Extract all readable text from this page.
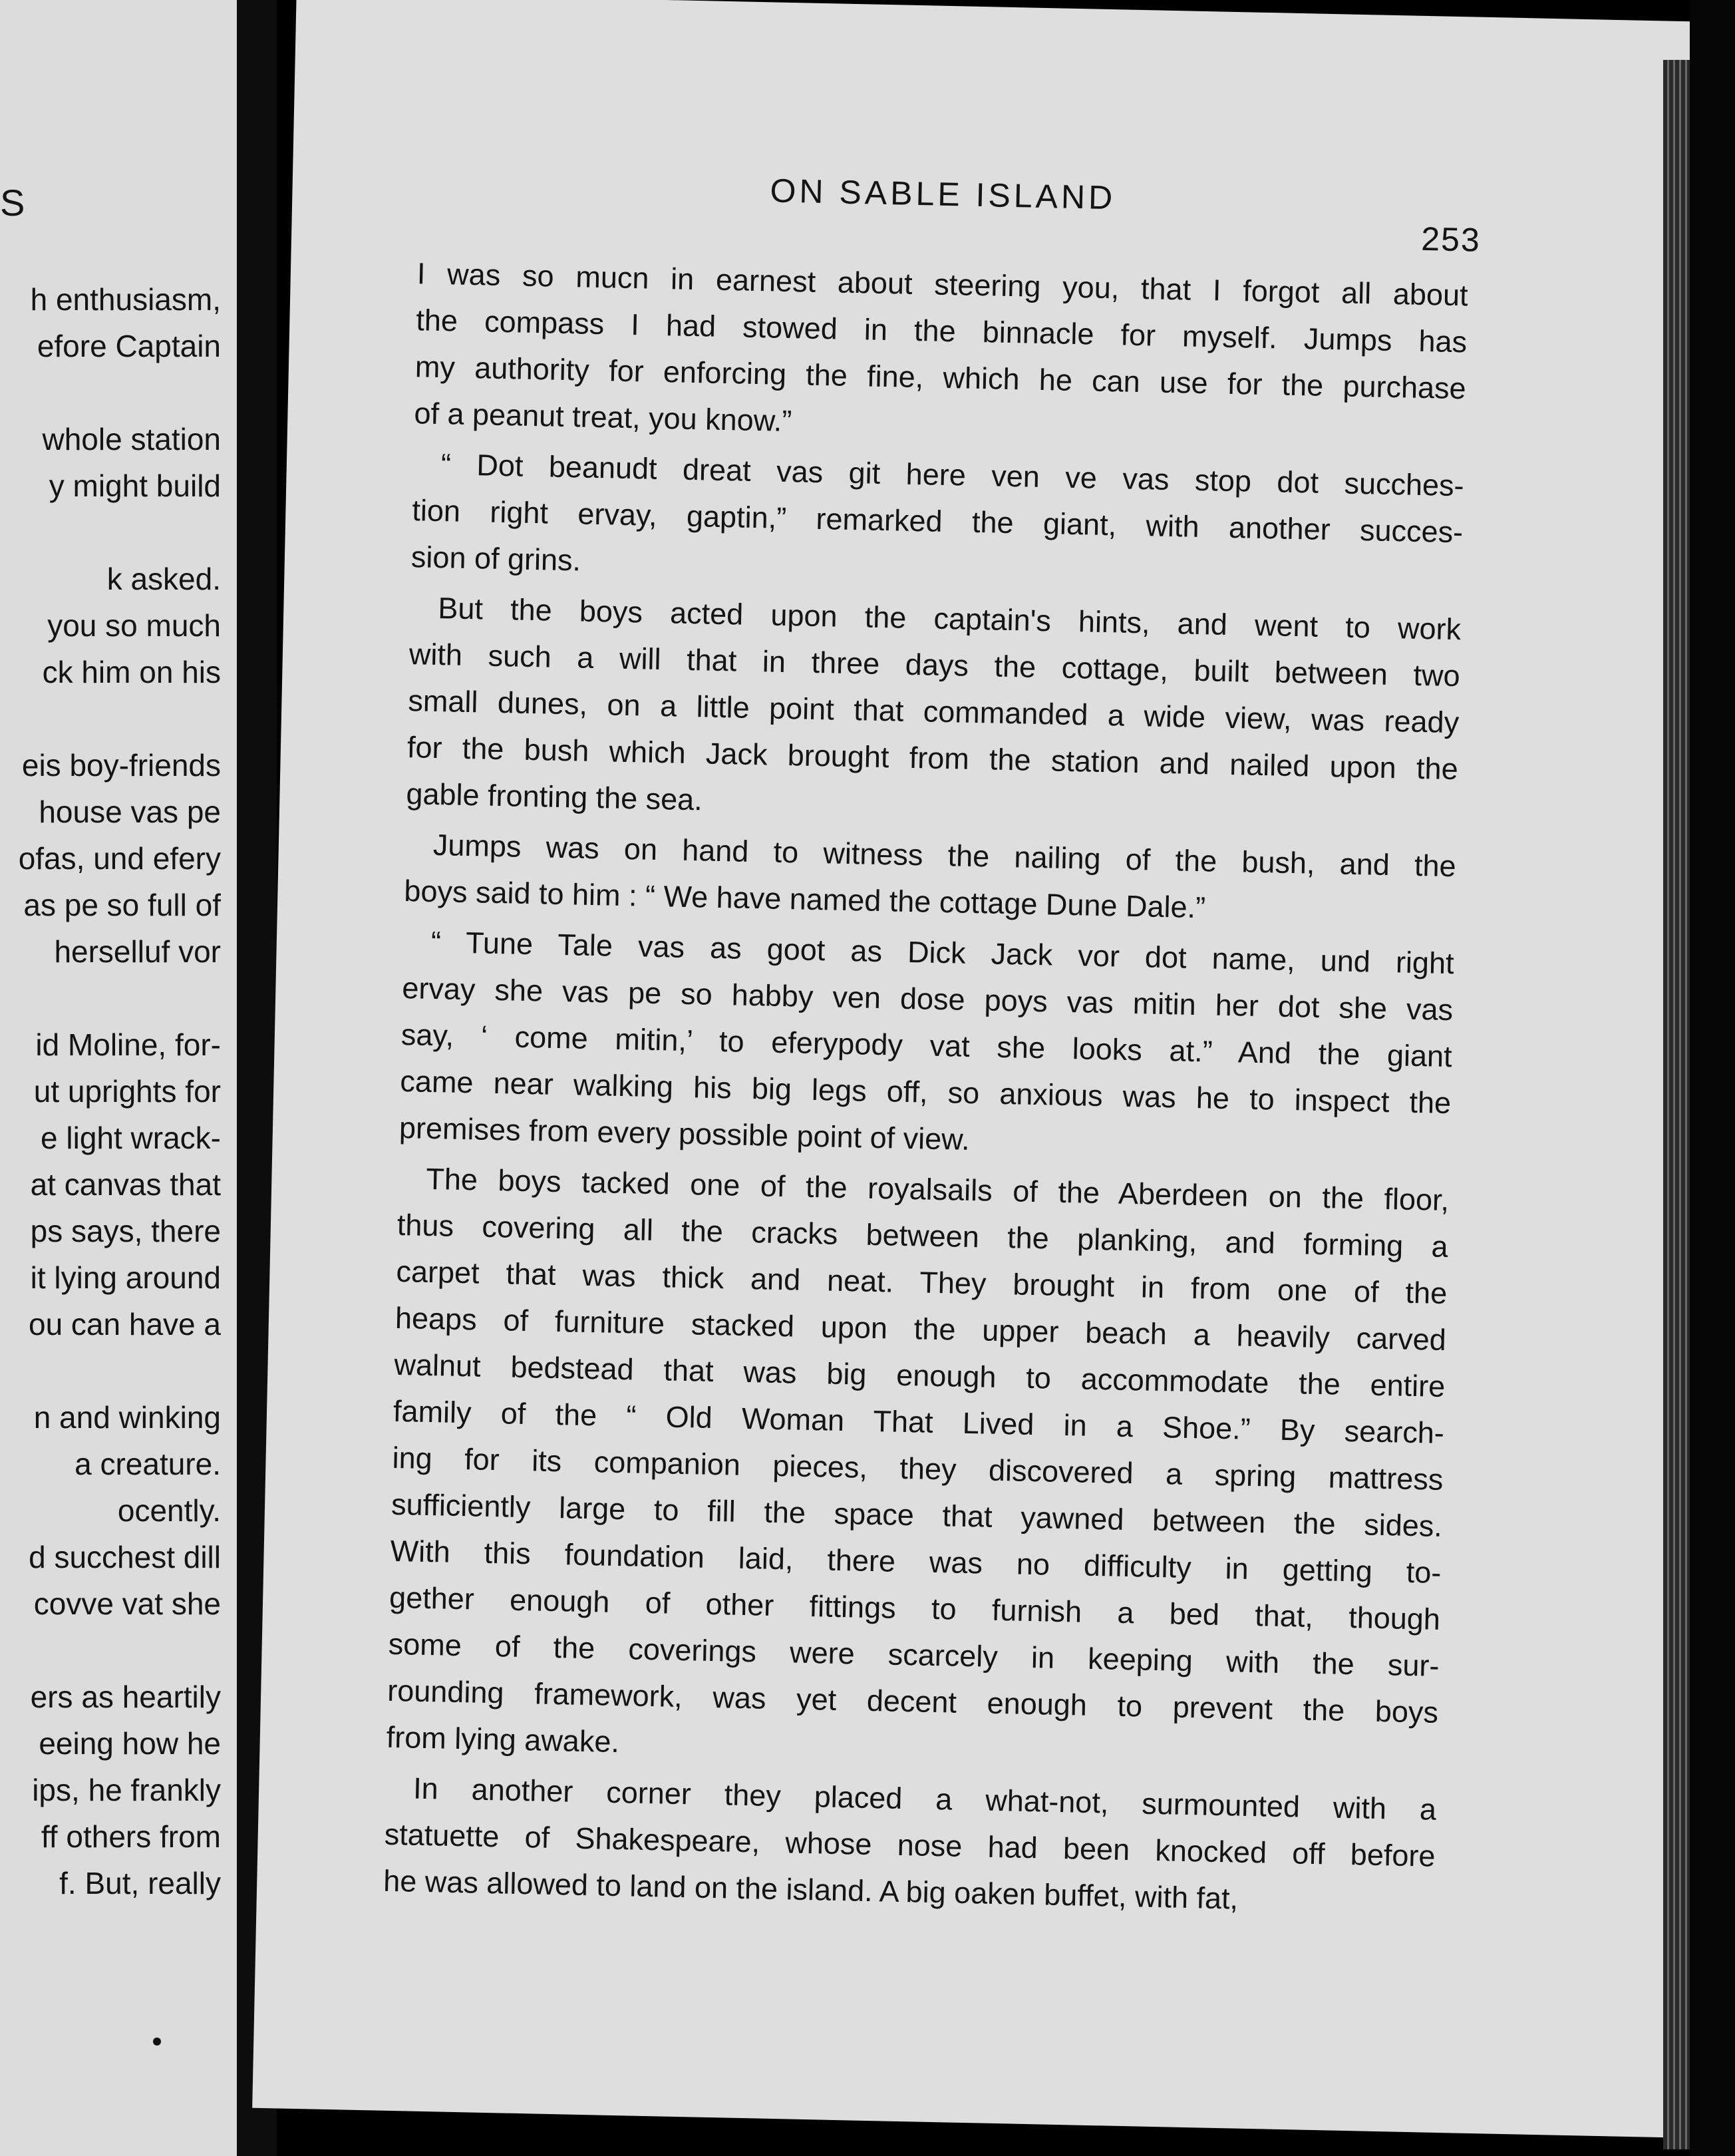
S
h enthusiasm,
efore Captain
whole station
y might build
k asked.
you so much
ck him on his
eis boy-friends
house vas pe
ofas, und efery
as pe so full of
herselluf vor
id Moline, for-
ut uprights for
e light wrack-
at canvas that
ps says, there
it lying around
ou can have a
n and winking
a creature.
ocently.
d succhest dill
covve vat she
ers as heartily
eeing how he
ips, he frankly
ff others from
f. But, really
ON SABLE ISLAND
253
I was so mucn in earnest about steering you, that I forgot all about
the compass I had stowed in the binnacle for myself. Jumps has
my authority for enforcing the fine, which he can use for the purchase
of a peanut treat, you know.”
“ Dot beanudt dreat vas git here ven ve vas stop dot sucches-
tion right ervay, gaptin,” remarked the giant, with another succes-
sion of grins.
But the boys acted upon the captain's hints, and went to work
with such a will that in three days the cottage, built between two
small dunes, on a little point that commanded a wide view, was ready
for the bush which Jack brought from the station and nailed upon the
gable fronting the sea.
Jumps was on hand to witness the nailing of the bush, and the
boys said to him : “ We have named the cottage Dune Dale.”
“ Tune Tale vas as goot as Dick Jack vor dot name, und right
ervay she vas pe so habby ven dose poys vas mitin her dot she vas
say, ‘ come mitin,’ to eferypody vat she looks at.” And the giant
came near walking his big legs off, so anxious was he to inspect the
premises from every possible point of view.
The boys tacked one of the royalsails of the Aberdeen on the floor,
thus covering all the cracks between the planking, and forming a
carpet that was thick and neat. They brought in from one of the
heaps of furniture stacked upon the upper beach a heavily carved
walnut bedstead that was big enough to accommodate the entire
family of the “ Old Woman That Lived in a Shoe.” By search-
ing for its companion pieces, they discovered a spring mattress
sufficiently large to fill the space that yawned between the sides.
With this foundation laid, there was no difficulty in getting to-
gether enough of other fittings to furnish a bed that, though
some of the coverings were scarcely in keeping with the sur-
rounding framework, was yet decent enough to prevent the boys
from lying awake.
In another corner they placed a what-not, surmounted with a
statuette of Shakespeare, whose nose had been knocked off before
he was allowed to land on the island. A big oaken buffet, with fat,
